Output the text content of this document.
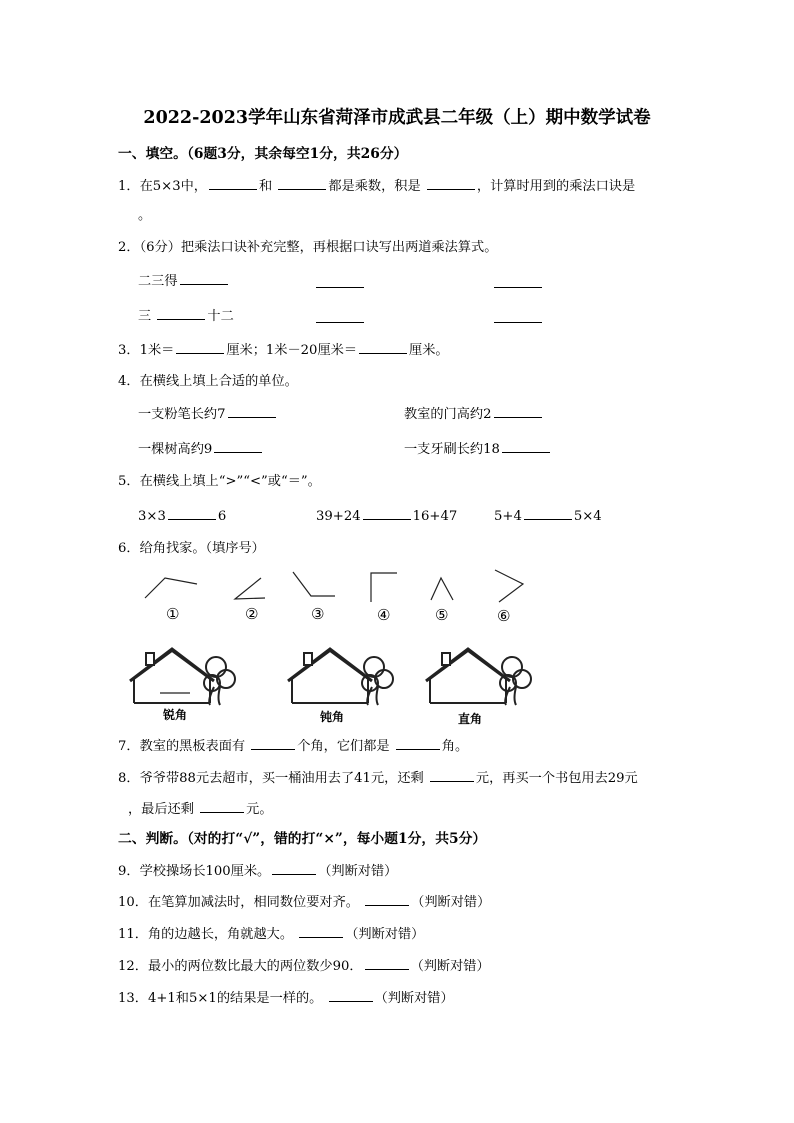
2022-2023学年山东省菏泽市成武县二年级（上）期中数学试卷
一、填空。（6题3分，其余每空1分，共26分）
1．在5×3中，	和	都是乘数，积是	，计算时用到的乘法口诀是
。
2．（6分）把乘法口诀补充完整，再根据口诀写出两道乘法算式。
二三得
三	十二
3．1米＝	厘米；1米－20厘米＝	厘米。
4．在横线上填上合适的单位。
一支粉笔长约7	教室的门高约2
一棵树高约9	一支牙刷长约18
5．在横线上填上“>”“<”或“＝”。
3×3	6	39+24	16+47	5+4	5×4
6．给角找家。（填序号）
①	②	③	④	⑤	⑥
锐角	钝角	直角
7．教室的黑板表面有	个角，它们都是	角。
8．爷爷带88元去超市，买一桶油用去了41元，还剩	元，再买一个书包用去29元
，最后还剩	元。
二、判断。（对的打“√”，错的打“×”，每小题1分，共5分）
9．学校操场长100厘米。	（判断对错）
10．在笔算加减法时，相同数位要对齐。	（判断对错）
11．角的边越长，角就越大。	（判断对错）
12．最小的两位数比最大的两位数少90．	（判断对错）
13．4+1和5×1的结果是一样的。	（判断对错）
